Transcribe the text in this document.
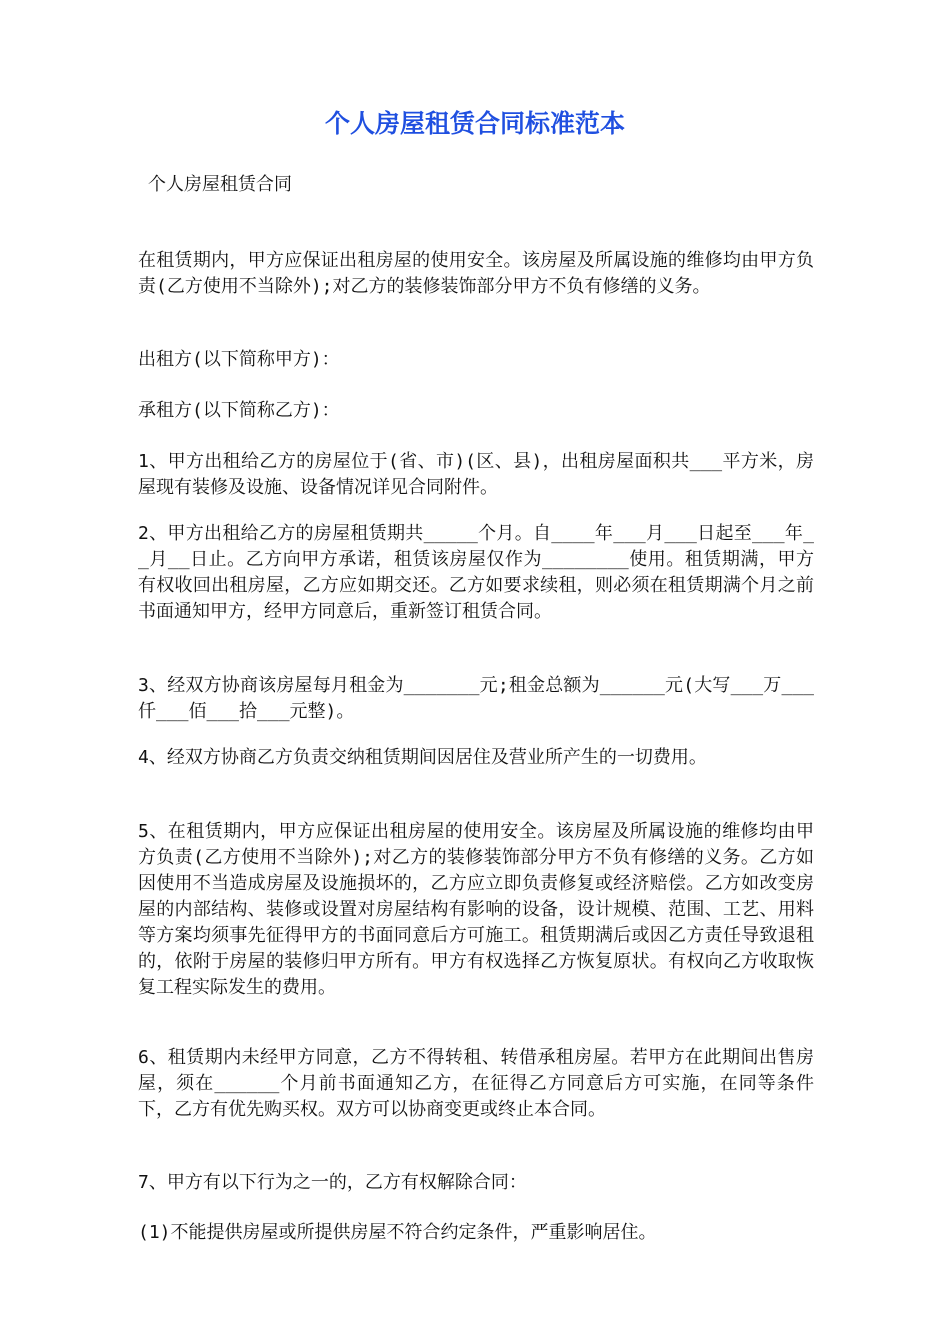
个人房屋租赁合同标准范本

个人房屋租赁合同

在租赁期内，甲方应保证出租房屋的使用安全。该房屋及所属设施的维修均由甲方负责(乙方使用不当除外);对乙方的装修装饰部分甲方不负有修缮的义务。

出租方(以下简称甲方)：

承租方(以下简称乙方)：

1、甲方出租给乙方的房屋位于(省、市)(区、县)，出租房屋面积共___平方米，房屋现有装修及设施、设备情况详见合同附件。

2、甲方出租给乙方的房屋租赁期共_____个月。自____年___月___日起至___年__月__日止。乙方向甲方承诺，租赁该房屋仅作为________使用。租赁期满，甲方有权收回出租房屋，乙方应如期交还。乙方如要求续租，则必须在租赁期满个月之前书面通知甲方，经甲方同意后，重新签订租赁合同。

3、经双方协商该房屋每月租金为_______元;租金总额为______元(大写___万___仟___佰___拾___元整)。

4、经双方协商乙方负责交纳租赁期间因居住及营业所产生的一切费用。

5、在租赁期内，甲方应保证出租房屋的使用安全。该房屋及所属设施的维修均由甲方负责(乙方使用不当除外);对乙方的装修装饰部分甲方不负有修缮的义务。乙方如因使用不当造成房屋及设施损坏的，乙方应立即负责修复或经济赔偿。乙方如改变房屋的内部结构、装修或设置对房屋结构有影响的设备，设计规模、范围、工艺、用料等方案均须事先征得甲方的书面同意后方可施工。租赁期满后或因乙方责任导致退租的，依附于房屋的装修归甲方所有。甲方有权选择乙方恢复原状。有权向乙方收取恢复工程实际发生的费用。

6、租赁期内未经甲方同意，乙方不得转租、转借承租房屋。若甲方在此期间出售房屋，须在______个月前书面通知乙方，在征得乙方同意后方可实施，在同等条件下，乙方有优先购买权。双方可以协商变更或终止本合同。

7、甲方有以下行为之一的，乙方有权解除合同：

(1)不能提供房屋或所提供房屋不符合约定条件，严重影响居住。
